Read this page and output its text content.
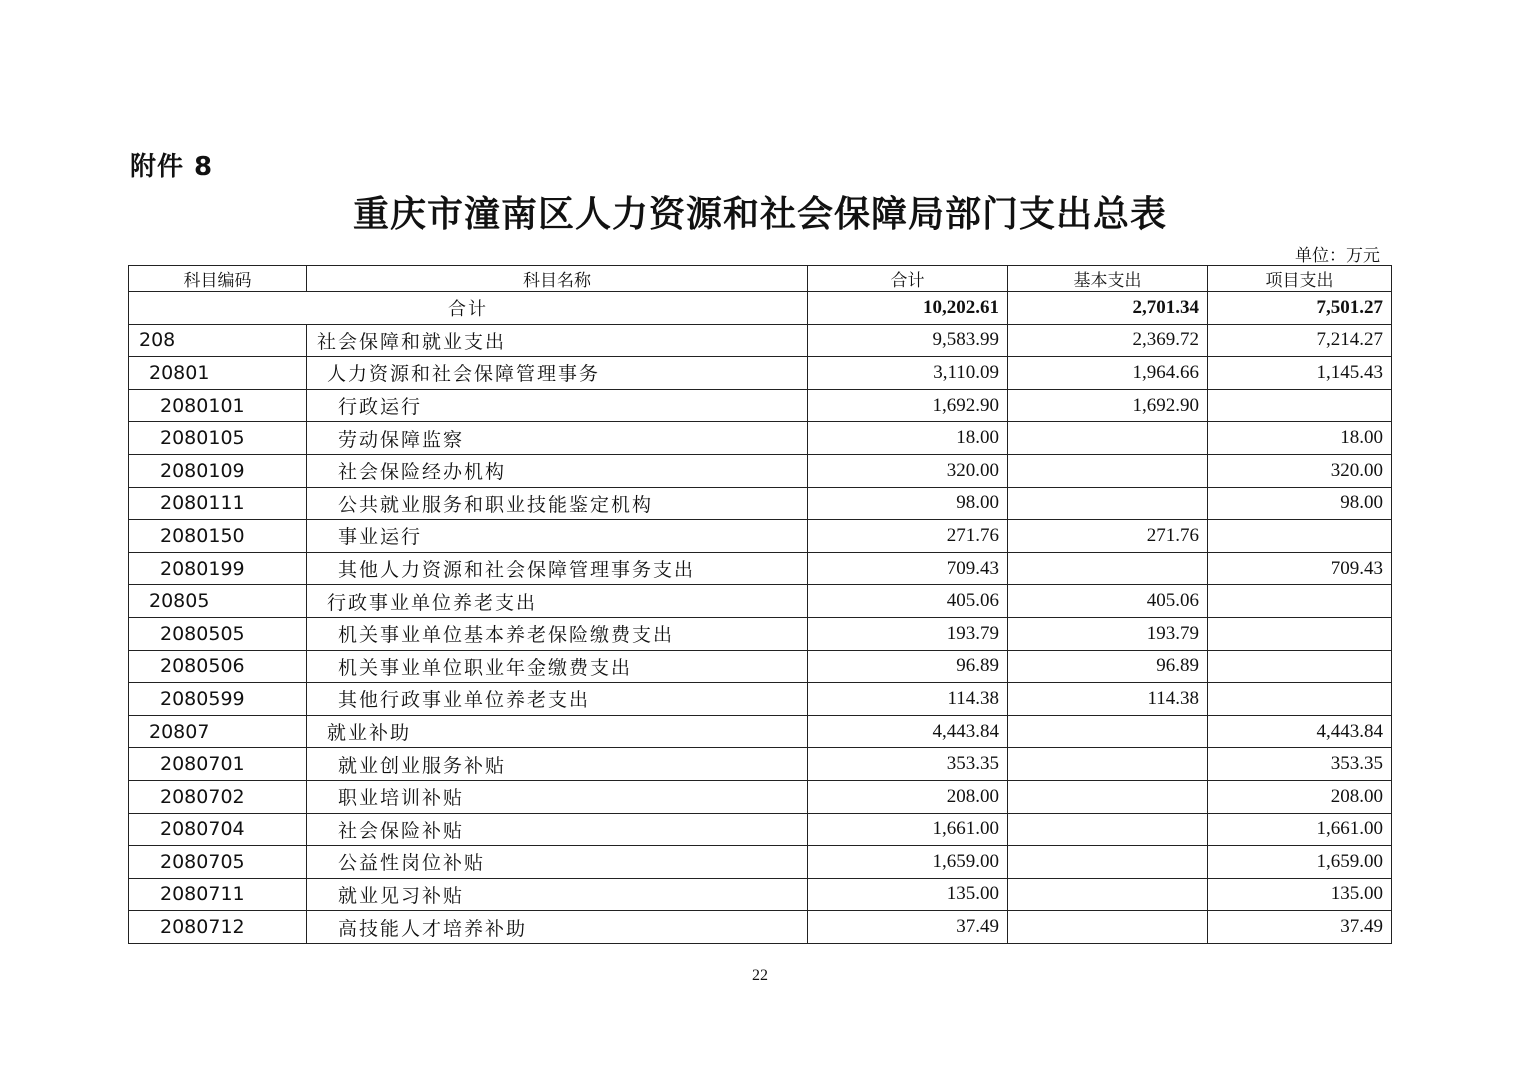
附件 8
重庆市潼南区人力资源和社会保障局部门支出总表
单位：万元
科目编码	科目名称	合计	基本支出	项目支出
合计		10,202.61	2,701.34	7,501.27
208	社会保障和就业支出	9,583.99	2,369.72	7,214.27
20801	人力资源和社会保障管理事务	3,110.09	1,964.66	1,145.43
2080101	行政运行	1,692.90	1,692.90	
2080105	劳动保障监察	18.00		18.00
2080109	社会保险经办机构	320.00		320.00
2080111	公共就业服务和职业技能鉴定机构	98.00		98.00
2080150	事业运行	271.76	271.76	
2080199	其他人力资源和社会保障管理事务支出	709.43		709.43
20805	行政事业单位养老支出	405.06	405.06	
2080505	机关事业单位基本养老保险缴费支出	193.79	193.79	
2080506	机关事业单位职业年金缴费支出	96.89	96.89	
2080599	其他行政事业单位养老支出	114.38	114.38	
20807	就业补助	4,443.84		4,443.84
2080701	就业创业服务补贴	353.35		353.35
2080702	职业培训补贴	208.00		208.00
2080704	社会保险补贴	1,661.00		1,661.00
2080705	公益性岗位补贴	1,659.00		1,659.00
2080711	就业见习补贴	135.00		135.00
2080712	高技能人才培养补助	37.49		37.49
22
